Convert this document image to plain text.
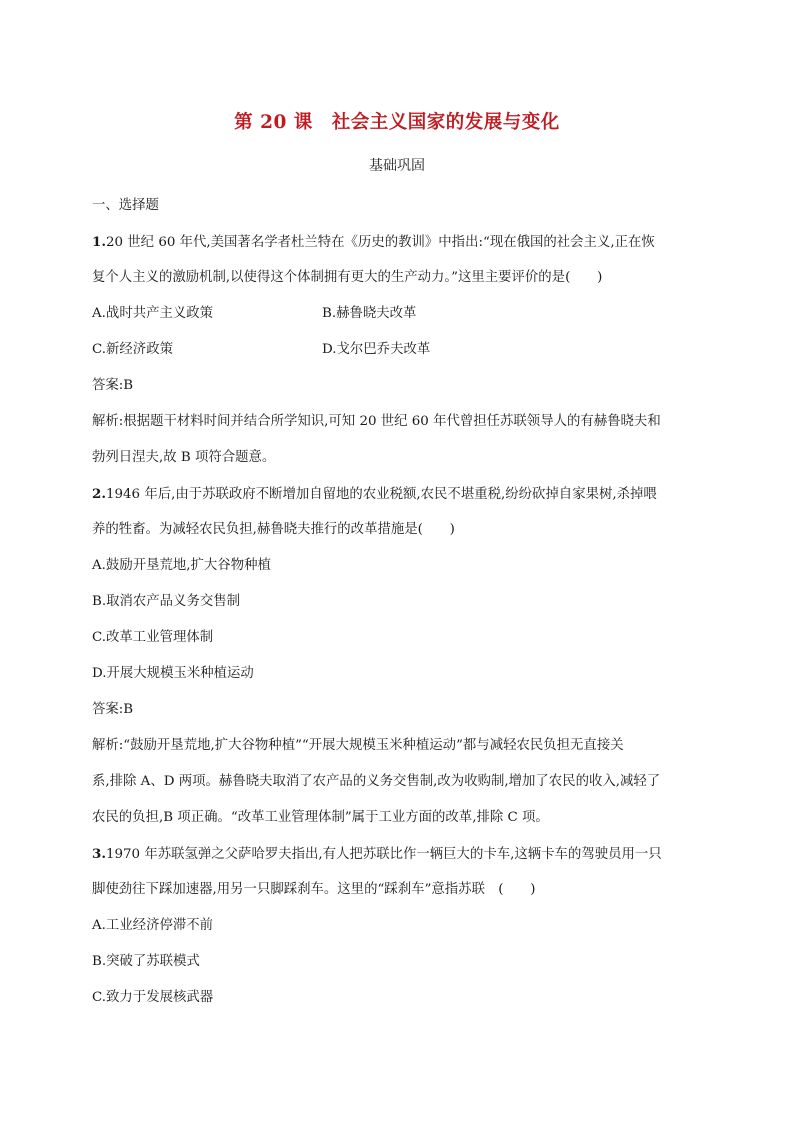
第 20 课　社会主义国家的发展与变化
基础巩固
一、选择题
1.20 世纪 60 年代,美国著名学者杜兰特在《历史的教训》中指出:“现在俄国的社会主义,正在恢
复个人主义的激励机制,以使得这个体制拥有更大的生产动力。”这里主要评价的是(　　)
A.战时共产主义政策	B.赫鲁晓夫改革
C.新经济政策	D.戈尔巴乔夫改革
答案:B
解析:根据题干材料时间并结合所学知识,可知 20 世纪 60 年代曾担任苏联领导人的有赫鲁晓夫和
勃列日涅夫,故 B 项符合题意。
2.1946 年后,由于苏联政府不断增加自留地的农业税额,农民不堪重税,纷纷砍掉自家果树,杀掉喂
养的牲畜。为减轻农民负担,赫鲁晓夫推行的改革措施是(　　)
A.鼓励开垦荒地,扩大谷物种植
B.取消农产品义务交售制
C.改革工业管理体制
D.开展大规模玉米种植运动
答案:B
解析:“鼓励开垦荒地,扩大谷物种植”“开展大规模玉米种植运动”都与减轻农民负担无直接关
系,排除 A、D 两项。赫鲁晓夫取消了农产品的义务交售制,改为收购制,增加了农民的收入,减轻了
农民的负担,B 项正确。“改革工业管理体制”属于工业方面的改革,排除 C 项。
3.1970 年苏联氢弹之父萨哈罗夫指出,有人把苏联比作一辆巨大的卡车,这辆卡车的驾驶员用一只
脚使劲往下踩加速器,用另一只脚踩刹车。这里的“踩刹车”意指苏联　(　　)
A.工业经济停滞不前
B.突破了苏联模式
C.致力于发展核武器
